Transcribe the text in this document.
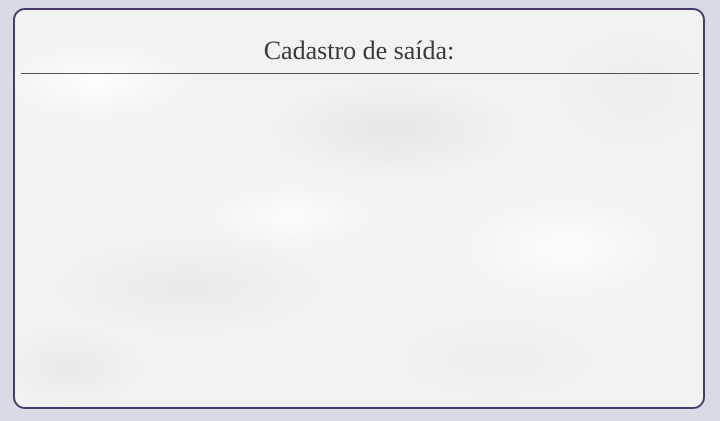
Cadastro de saída:
